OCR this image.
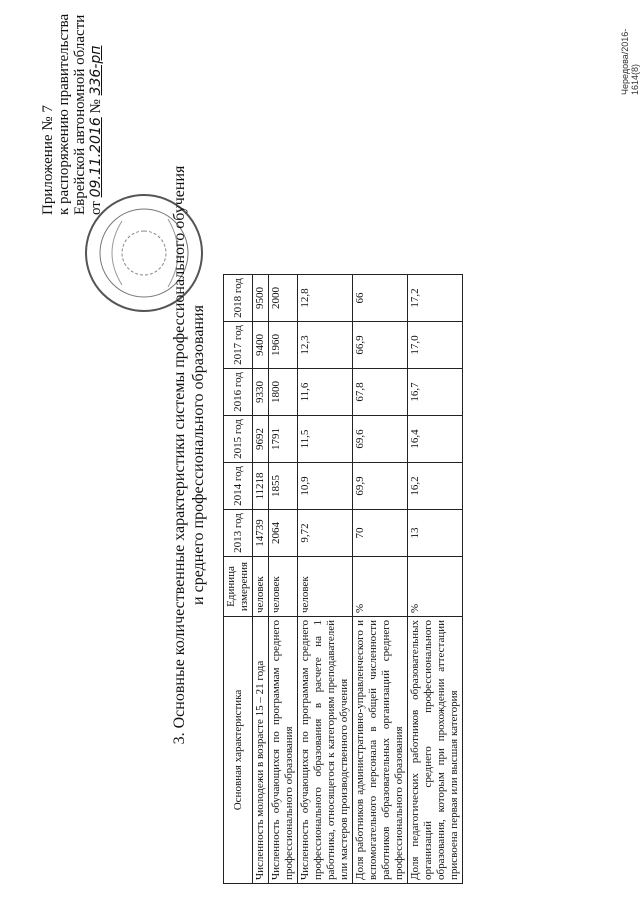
Приложение № 7 к распоряжению правительства Еврейской автономной области от 09.11.2016 № 336-рп
3. Основные количественные характеристики системы профессионального обучения и среднего профессионального образования
Основная характеристика	Единица измерения	2013 год	2014 год	2015 год	2016 год	2017 год	2018 год
Численность молодежи в возрасте 15 – 21 года	человек	14739	11218	9692	9330	9400	9500
Численность обучающихся по программам среднего профессионального образования	человек	2064	1855	1791	1800	1960	2000
Численность обучающихся по программам среднего профессионального образования в расчете на 1 работника, относящегося к категориям преподавателей или мастеров производственного обучения	человек	9,72	10,9	11,5	11,6	12,3	12,8
Доля работников административно-управленческого и вспомогательного персонала в общей численности работников образовательных организаций среднего профессионального образования	%	70	69,9	69,6	67,8	66,9	66
Доля педагогических работников образовательных организаций среднего профессионального образования, которым при прохождении аттестации присвоена первая или высшая категория	%	13	16,2	16,4	16,7	17,0	17,2
Чередова/2016-1614(8)
